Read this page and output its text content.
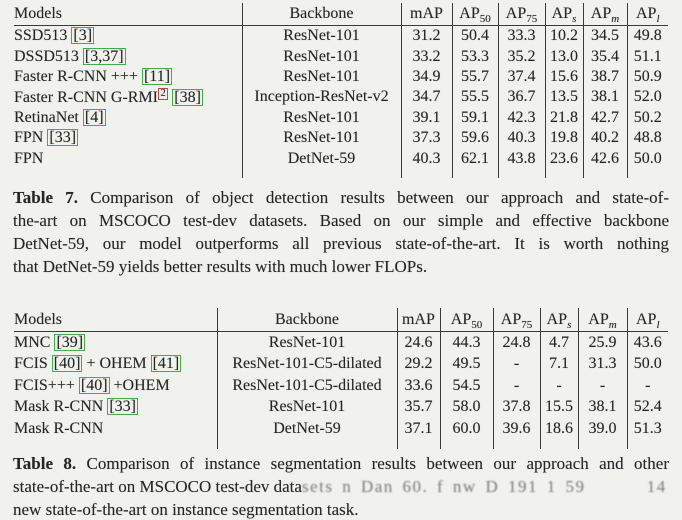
Models	Backbone	mAP	$AP_{50}$	$AP_{75}$	$AP_s$	$AP_m$	$AP_l$
SSD513 [3]	ResNet-101	31.2	50.4	33.3	10.2	34.5	49.8
DSSD513 [3,37]	ResNet-101	33.2	53.3	35.2	13.0	35.4	51.1
Faster R-CNN +++ [11]	ResNet-101	34.9	55.7	37.4	15.6	38.7	50.9
Faster R-CNN G-RMI 2 [38]	Inception-ResNet-v2	34.7	55.5	36.7	13.5	38.1	52.0
RetinaNet [4]	ResNet-101	39.1	59.1	42.3	21.8	42.7	50.2
FPN [33]	ResNet-101	37.3	59.6	40.3	19.8	40.2	48.8
FPN	DetNet-59	40.3	62.1	43.8	23.6	42.6	50.0

Table 7. Comparison of object detection results between our approach and state-of-
the-art on MSCOCO test-dev datasets. Based on our simple and effective backbone
DetNet-59, our model outperforms all previous state-of-the-art. It is worth nothing
that DetNet-59 yields better results with much lower FLOPs.
Models	Backbone	mAP	$AP_{50}$	$AP_{75}$	$AP_s$	$AP_m$	$AP_l$
MNC [39]	ResNet-101	24.6	44.3	24.8	4.7	25.9	43.6
FCIS [40] + OHEM [41]	ResNet-101-C5-dilated	29.2	49.5	-	7.1	31.3	50.0
FCIS+++ [40] +OHEM	ResNet-101-C5-dilated	33.6	54.5	-	-	-	-
Mask R-CNN [33]	ResNet-101	35.7	58.0	37.8	15.5	38.1	52.4
Mask R-CNN	DetNet-59	37.1	60.0	39.6	18.6	39.0	51.3

Table 8. Comparison of instance segmentation results between our approach and other
state-of-the-art on MSCOCO test-dev datasets n Dan 60. f nw D 191 1 59       14
new state-of-the-art on instance segmentation task.
